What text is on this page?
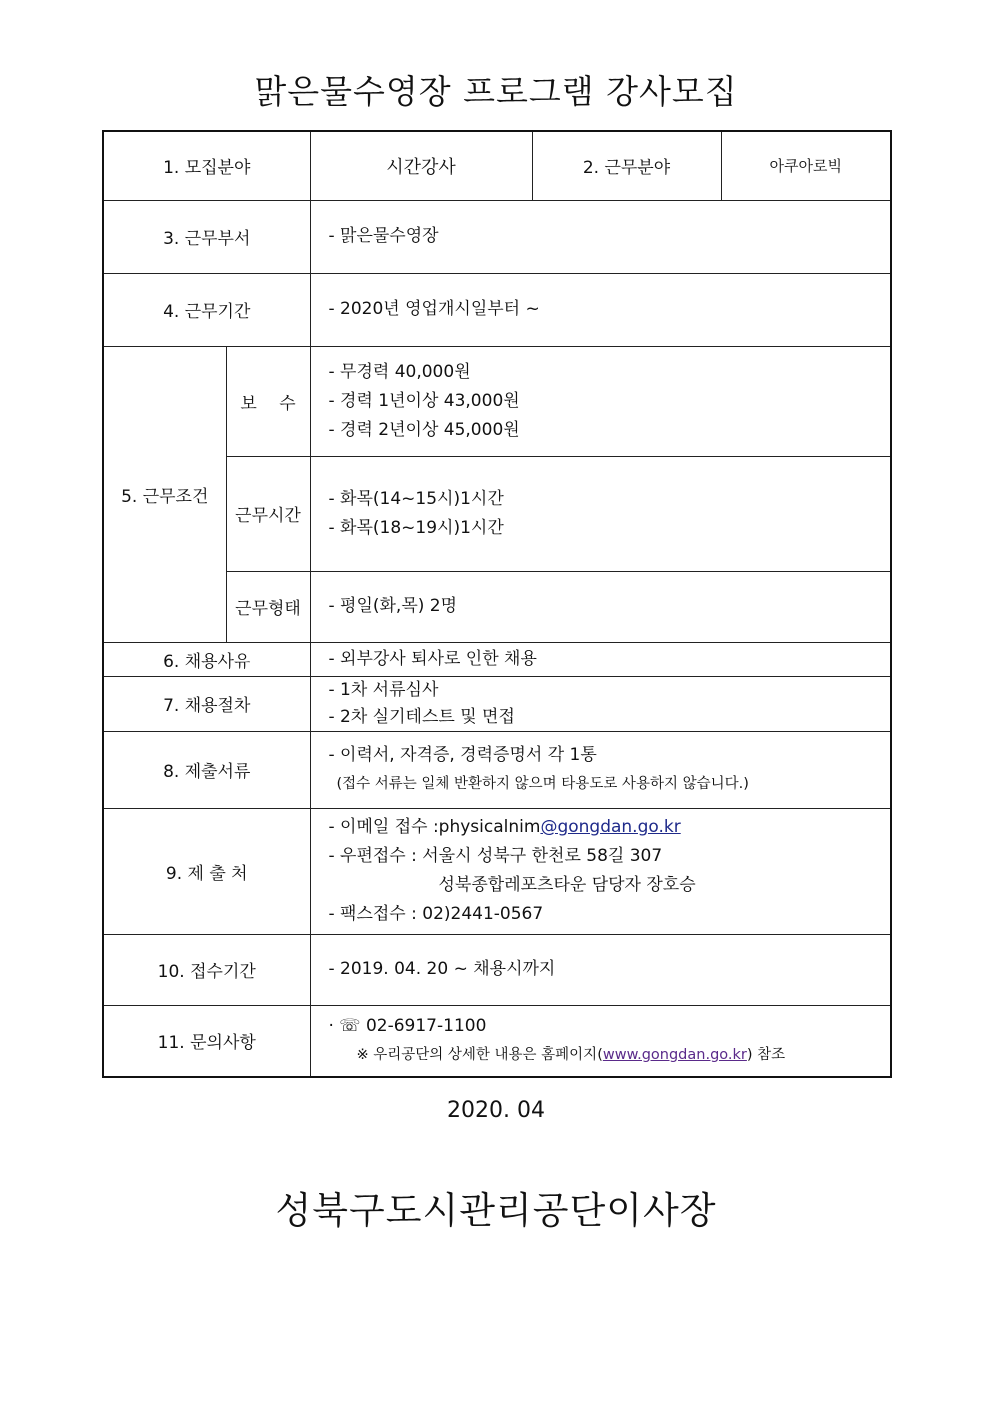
맑은물수영장 프로그램 강사모집
1. 모집분야		시간강사	2. 근무분야	아쿠아로빅
3. 근무부서		- 맑은물수영장		
4. 근무기간		- 2020년 영업개시일부터 ~		
5. 근무조건	보　 수	- 무경력 40,000원
- 경력 1년이상 43,000원
- 경력 2년이상 45,000원		

	근무시간	- 화목(14~15시)1시간
- 화목(18~19시)1시간		

	근무형태	- 평일(화,목) 2명		
6. 채용사유		- 외부강사 퇴사로 인한 채용		
7. 채용절차		- 1차 서류심사
- 2차 실기테스트 및 면접		

8. 제출서류		- 이력서, 자격증, 경력증명서 각 1통
(접수 서류는 일체 반환하지 않으며 타용도로 사용하지 않습니다.)		

9. 제 출 처		- 이메일 접수 :physicalnim@gongdan.go.kr
- 우편접수 : 서울시 성북구 한천로 58길 307
성북종합레포츠타운 담당자 장호승
- 팩스접수 : 02)2441-0567		

10. 접수기간		- 2019. 04. 20 ~ 채용시까지		
11. 문의사항		· ☏ 02-6917-1100
※ 우리공단의 상세한 내용은 홈페이지(www.gongdan.go.kr) 참조		
2020. 04
성북구도시관리공단이사장
